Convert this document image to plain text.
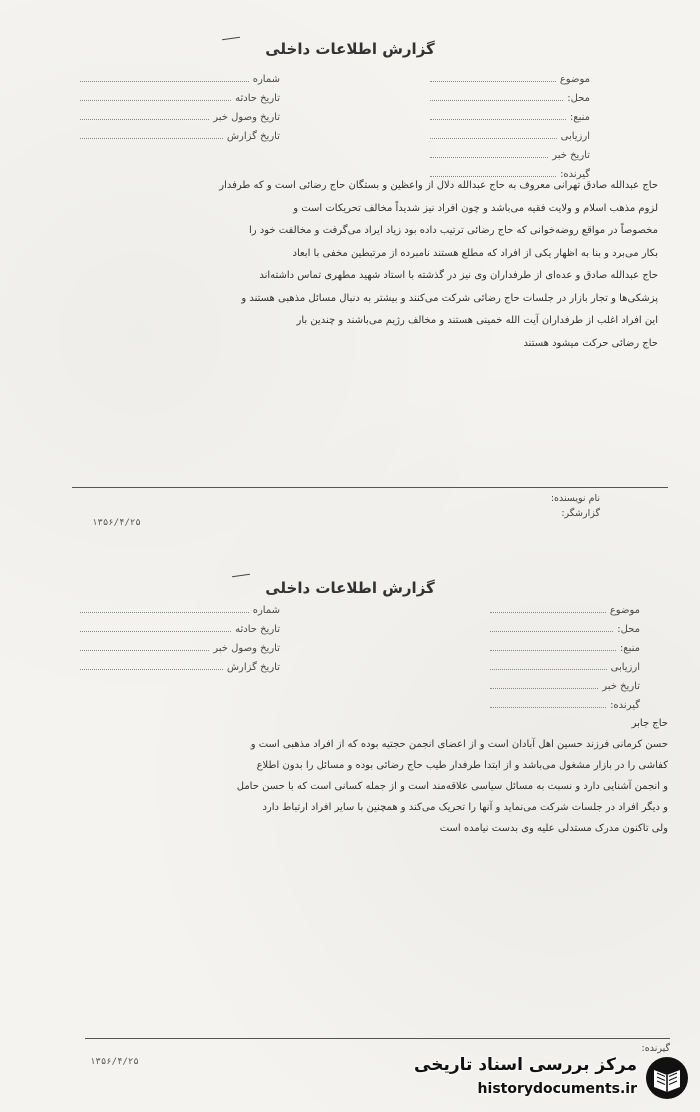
گزارش اطلاعات داخلی
موضوع
محل:
منبع:
ارزیابی
تاریخ خبر
گیرنده:
شماره
تاریخ حادثه
تاریخ وصول خبر
تاریخ گزارش
حاج عبدالله صادق تهرانی معروف به حاج عبدالله دلال از واعظین و بستگان حاج رضائی است و که طرفدار
لزوم مذهب اسلام و ولایت فقیه می‌باشد و چون افراد نیز شدیداً مخالف تحریکات است و
مخصوصاً در مواقع روضه‌خوانی که حاج رضائی ترتیب داده بود زیاد ایراد می‌گرفت و مخالفت خود را
بکار می‌برد و بنا به اظهار یکی از افراد که مطلع هستند نامبرده از مرتبطین مخفی با ابعاد
حاج عبدالله صادق و عده‌ای از طرفداران وی نیز در گذشته با استاد شهید مطهری تماس داشته‌اند
پزشکی‌ها و تجار بازار در جلسات حاج رضائی شرکت می‌کنند و بیشتر به دنبال مسائل مذهبی هستند و
این افراد اغلب از طرفداران آیت الله خمینی هستند و مخالف رژیم می‌باشند و چندین بار
حاج رضائی حرکت میشود هستند
نام نویسنده:
گزارشگر:
۱۳۵۶/۴/۲۵
گزارش اطلاعات داخلی
موضوع
محل:
منبع:
ارزیابی
تاریخ خبر
گیرنده:
شماره
تاریخ حادثه
تاریخ وصول خبر
تاریخ گزارش
حاج جابر
حسن کرمانی فرزند حسین اهل آبادان است و از اعضای انجمن حجتیه بوده که از افراد مذهبی است و
کفاشی را در بازار مشغول می‌باشد و از ابتدا طرفدار طیب حاج رضائی بوده و مسائل را بدون اطلاع
و انجمن آشنایی دارد و نسبت به مسائل سیاسی علاقه‌مند است و از جمله کسانی است که با حسن حامل
و دیگر افراد در جلسات شرکت می‌نماید و آنها را تحریک می‌کند و همچنین با سایر افراد ارتباط دارد
ولی تاکنون مدرک مستدلی علیه وی بدست نیامده است
گیرنده:
۱۳۵۶/۴/۲۵	مرکز بررسی اسناد تاریخی
historydocuments.ir
